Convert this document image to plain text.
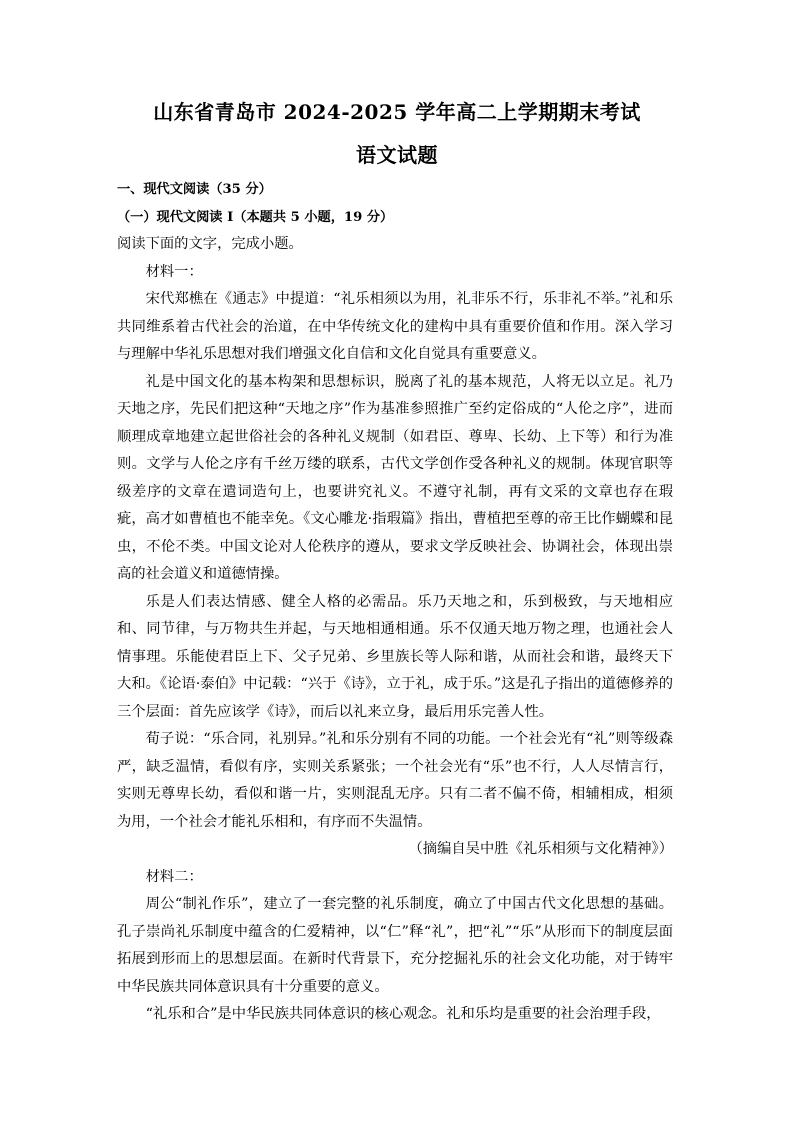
山东省青岛市 2024-2025 学年高二上学期期末考试
语文试题

一、现代文阅读（35 分）

（一）现代文阅读 I（本题共 5 小题，19 分）

阅读下面的文字，完成小题。

材料一：

宋代郑樵在《通志》中提道：“礼乐相须以为用，礼非乐不行，乐非礼不举。”礼和乐共同维系着古代社会的治道，在中华传统文化的建构中具有重要价值和作用。深入学习与理解中华礼乐思想对我们增强文化自信和文化自觉具有重要意义。

礼是中国文化的基本构架和思想标识，脱离了礼的基本规范，人将无以立足。礼乃天地之序，先民们把这种“天地之序”作为基准参照推广至约定俗成的“人伦之序”，进而顺理成章地建立起世俗社会的各种礼义规制（如君臣、尊卑、长幼、上下等）和行为准则。文学与人伦之序有千丝万缕的联系，古代文学创作受各种礼义的规制。体现官职等级差序的文章在遣词造句上，也要讲究礼义。不遵守礼制，再有文采的文章也存在瑕疵，高才如曹植也不能幸免。《文心雕龙·指瑕篇》指出，曹植把至尊的帝王比作蝴蝶和昆虫，不伦不类。中国文论对人伦秩序的遵从，要求文学反映社会、协调社会，体现出崇高的社会道义和道德情操。

乐是人们表达情感、健全人格的必需品。乐乃天地之和，乐到极致，与天地相应和、同节律，与万物共生并起，与天地相通相通。乐不仅通天地万物之理，也通社会人情事理。乐能使君臣上下、父子兄弟、乡里族长等人际和谐，从而社会和谐，最终天下大和。《论语·泰伯》中记载：“兴于《诗》，立于礼，成于乐。”这是孔子指出的道德修养的三个层面：首先应该学《诗》，而后以礼来立身，最后用乐完善人性。

荀子说：“乐合同，礼别异。”礼和乐分别有不同的功能。一个社会光有“礼”则等级森严，缺乏温情，看似有序，实则关系紧张；一个社会光有“乐”也不行，人人尽情言行，实则无尊卑长幼，看似和谐一片，实则混乱无序。只有二者不偏不倚，相辅相成，相须为用，一个社会才能礼乐相和，有序而不失温情。

（摘编自吴中胜《礼乐相须与文化精神》）

材料二：

周公“制礼作乐”，建立了一套完整的礼乐制度，确立了中国古代文化思想的基础。孔子崇尚礼乐制度中蕴含的仁爱精神，以“仁”释“礼”，把“礼”“乐”从形而下的制度层面拓展到形而上的思想层面。在新时代背景下，充分挖掘礼乐的社会文化功能，对于铸牢中华民族共同体意识具有十分重要的意义。

“礼乐和合”是中华民族共同体意识的核心观念。礼和乐均是重要的社会治理手段，
